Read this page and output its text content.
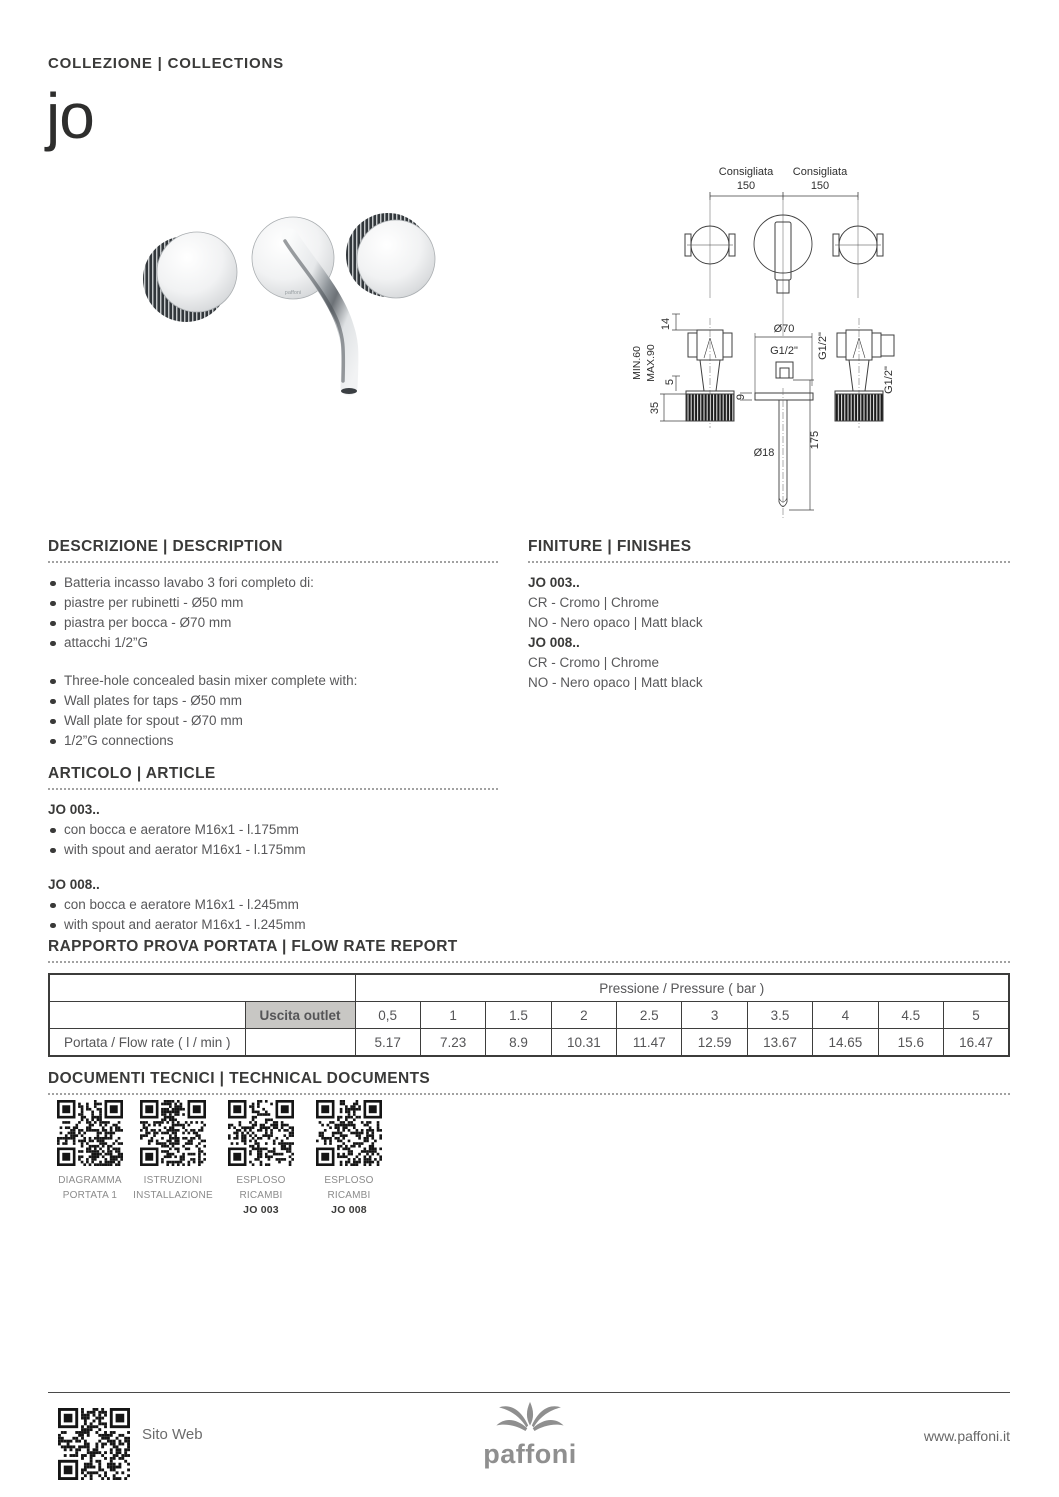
COLLEZIONE | COLLECTIONS
jo
paffoni
Consigliata
150
Consigliata
150
14
MIN.60 MAX.90
5
35
Ø70
G1/2"
9
Ø18
175
G1/2"
G1/2"
DESCRIZIONE | DESCRIPTION
Batteria incasso lavabo 3 fori completo di:
piastre per rubinetti - Ø50 mm
piastra per bocca - Ø70 mm
attacchi 1/2”G
Three-hole concealed basin mixer complete with:
Wall plates for taps - Ø50 mm
Wall plate for spout - Ø70 mm
1/2”G connections
FINITURE | FINISHES
JO 003..
CR - Cromo | Chrome
NO - Nero opaco | Matt black
JO 008..
CR - Cromo | Chrome
NO - Nero opaco | Matt black
ARTICOLO | ARTICLE
JO 003..
con bocca e aeratore M16x1 - l.175mm
with spout and aerator M16x1 - l.175mm
JO 008..
con bocca e aeratore M16x1 - l.245mm
with spout and aerator M16x1 - l.245mm
RAPPORTO PROVA PORTATA | FLOW RATE REPORT
		Pressione / Pressure ( bar )									
	Uscita outlet	0,5	1	1.5	2	2.5	3	3.5	4	4.5	5
Portata / Flow rate ( l / min )		5.17	7.23	8.9	10.31	11.47	12.59	13.67	14.65	15.6	16.47
DOCUMENTI TECNICI | TECHNICAL DOCUMENTS
DIAGRAMMA
PORTATA 1
ISTRUZIONI
INSTALLAZIONE
ESPLOSO
RICAMBI
JO 003
ESPLOSO
RICAMBI
JO 008
Sito Web
paffoni
www.paffoni.it
